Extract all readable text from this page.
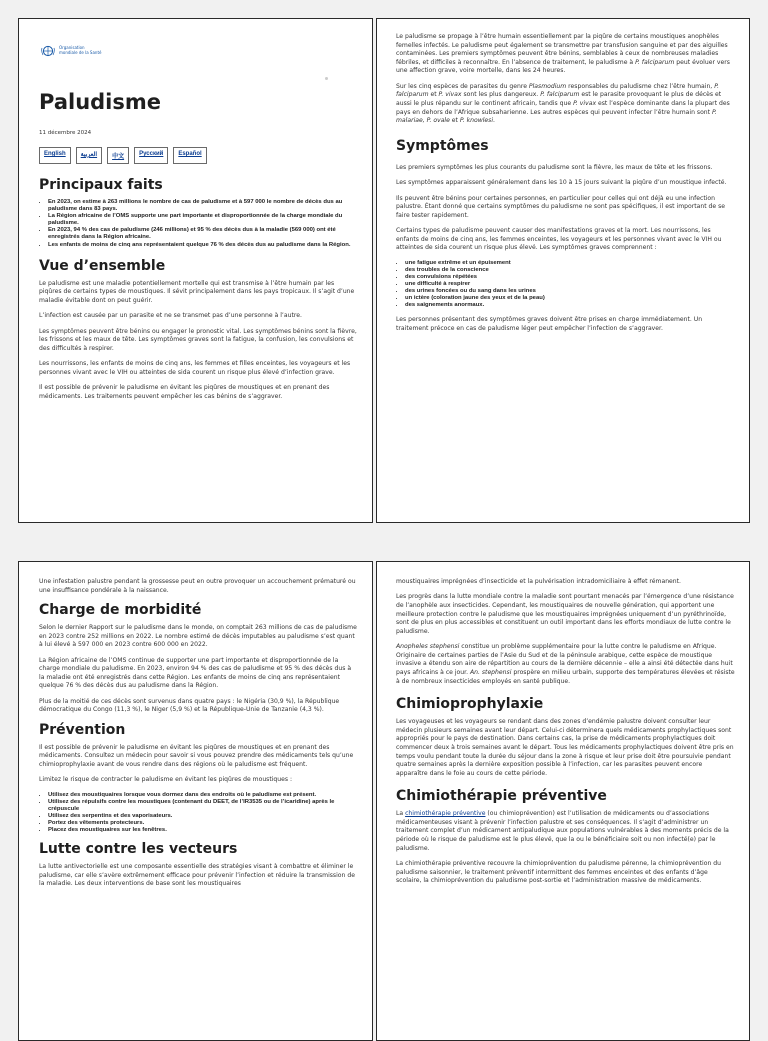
Organisation
mondiale de la Santé
Paludisme
11 décembre 2024
English	العربية	中文	Русский	Español
Principaux faits
• En 2023, on estime à 263 millions le nombre de cas de paludisme et à 597 000 le nombre de décès dus au paludisme dans 83 pays.
• La Région africaine de l’OMS supporte une part importante et disproportionnée de la charge mondiale du paludisme.
• En 2023, 94 % des cas de paludisme (246 millions) et 95 % des décès dus à la maladie (569 000) ont été enregistrés dans la Région africaine.
• Les enfants de moins de cinq ans représentaient quelque 76 % des décès dus au paludisme dans la Région.
Vue d’ensemble

Le paludisme est une maladie potentiellement mortelle qui est transmise à l’être humain par les piqûres de certains types de moustiques. Il sévit principalement dans les pays tropicaux. Il s’agit d’une maladie évitable dont on peut guérir.

L’infection est causée par un parasite et ne se transmet pas d’une personne à l’autre.

Les symptômes peuvent être bénins ou engager le pronostic vital. Les symptômes bénins sont la fièvre, les frissons et les maux de tête. Les symptômes graves sont la fatigue, la confusion, les convulsions et des difficultés à respirer.

Les nourrissons, les enfants de moins de cinq ans, les femmes et filles enceintes, les voyageurs et les personnes vivant avec le VIH ou atteintes de sida courent un risque plus élevé d’infection grave.

Il est possible de prévenir le paludisme en évitant les piqûres de moustiques et en prenant des médicaments. Les traitements peuvent empêcher les cas bénins de s’aggraver.

Le paludisme se propage à l’être humain essentiellement par la piqûre de certains moustiques anophèles femelles infectés. Le paludisme peut également se transmettre par transfusion sanguine et par des aiguilles contaminées. Les premiers symptômes peuvent être bénins, semblables à ceux de nombreuses maladies fébriles, et difficiles à reconnaître. En l’absence de traitement, le paludisme à P. falciparum peut évoluer vers une affection grave, voire mortelle, dans les 24 heures.

Sur les cinq espèces de parasites du genre Plasmodium responsables du paludisme chez l’être humain, P. falciparum et P. vivax sont les plus dangereux. P. falciparum est le parasite provoquant le plus de décès et aussi le plus répandu sur le continent africain, tandis que P. vivax est l’espèce dominante dans la plupart des pays en dehors de l’Afrique subsaharienne. Les autres espèces qui peuvent infecter l’être humain sont P. malariae, P. ovale et P. knowlesi.

Symptômes

Les premiers symptômes les plus courants du paludisme sont la fièvre, les maux de tête et les frissons.

Les symptômes apparaissent généralement dans les 10 à 15 jours suivant la piqûre d’un moustique infecté.

Ils peuvent être bénins pour certaines personnes, en particulier pour celles qui ont déjà eu une infection palustre. Étant donné que certains symptômes du paludisme ne sont pas spécifiques, il est important de se faire tester rapidement.

Certains types de paludisme peuvent causer des manifestations graves et la mort. Les nourrissons, les enfants de moins de cinq ans, les femmes enceintes, les voyageurs et les personnes vivant avec le VIH ou atteintes de sida courent un risque plus élevé. Les symptômes graves comprennent :

• une fatigue extrême et un épuisement
• des troubles de la conscience
• des convulsions répétées
• une difficulté à respirer
• des urines foncées ou du sang dans les urines
• un ictère (coloration jaune des yeux et de la peau)
• des saignements anormaux.

Les personnes présentant des symptômes graves doivent être prises en charge immédiatement. Un traitement précoce en cas de paludisme léger peut empêcher l’infection de s’aggraver.

Une infestation palustre pendant la grossesse peut en outre provoquer un accouchement prématuré ou une insuffisance pondérale à la naissance.

Charge de morbidité

Selon le dernier Rapport sur le paludisme dans le monde, on comptait 263 millions de cas de paludisme en 2023 contre 252 millions en 2022. Le nombre estimé de décès imputables au paludisme s’est quant à lui élevé à 597 000 en 2023 contre 600 000 en 2022.

La Région africaine de l’OMS continue de supporter une part importante et disproportionnée de la charge mondiale du paludisme. En 2023, environ 94 % des cas de paludisme et 95 % des décès dus à la maladie ont été enregistrés dans cette Région. Les enfants de moins de cinq ans représentaient quelque 76 % des décès dus au paludisme dans la Région.

Plus de la moitié de ces décès sont survenus dans quatre pays : le Nigéria (30,9 %), la République démocratique du Congo (11,3 %), le Niger (5,9 %) et la République-Unie de Tanzanie (4,3 %).

Prévention

Il est possible de prévenir le paludisme en évitant les piqûres de moustiques et en prenant des médicaments. Consultez un médecin pour savoir si vous pouvez prendre des médicaments tels qu’une chimioprophylaxie avant de vous rendre dans des régions où le paludisme est fréquent.

Limitez le risque de contracter le paludisme en évitant les piqûres de moustiques :

• Utilisez des moustiquaires lorsque vous dormez dans des endroits où le paludisme est présent.
• Utilisez des répulsifs contre les moustiques (contenant du DEET, de l’IR3535 ou de l’icaridine) après le crépuscule
• Utilisez des serpentins et des vaporisateurs.
• Portez des vêtements protecteurs.
• Placez des moustiquaires sur les fenêtres.
Lutte contre les vecteurs

La lutte antivectorielle est une composante essentielle des stratégies visant à combattre et éliminer le paludisme, car elle s’avère extrêmement efficace pour prévenir l’infection et réduire la transmission de la maladie. Les deux interventions de base sont les moustiquaires

moustiquaires imprégnées d’insecticide et la pulvérisation intradomiciliaire à effet rémanent.

Les progrès dans la lutte mondiale contre la maladie sont pourtant menacés par l’émergence d’une résistance de l’anophèle aux insecticides. Cependant, les moustiquaires de nouvelle génération, qui apportent une meilleure protection contre le paludisme que les moustiquaires imprégnées uniquement d’un pyréthrinoïde, sont de plus en plus accessibles et constituent un outil important dans les efforts mondiaux de lutte contre le paludisme.

Anopheles stephensi constitue un problème supplémentaire pour la lutte contre le paludisme en Afrique. Originaire de certaines parties de l’Asie du Sud et de la péninsule arabique, cette espèce de moustique invasive a étendu son aire de répartition au cours de la dernière décennie – elle a ainsi été détectée dans huit pays africains à ce jour. An. stephensi prospère en milieu urbain, supporte des températures élevées et résiste à de nombreux insecticides employés en santé publique.

Chimioprophylaxie

Les voyageuses et les voyageurs se rendant dans des zones d’endémie palustre doivent consulter leur médecin plusieurs semaines avant leur départ. Celui-ci déterminera quels médicaments prophylactiques sont appropriés pour le pays de destination. Dans certains cas, la prise de médicaments prophylactiques doit commencer deux à trois semaines avant le départ. Tous les médicaments prophylactiques doivent être pris en temps voulu pendant toute la durée du séjour dans la zone à risque et leur prise doit être poursuivie pendant quatre semaines après la dernière exposition possible à l’infection, car les parasites peuvent encore apparaître dans le foie au cours de cette période.

Chimiothérapie préventive

La chimiothérapie préventive (ou chimioprévention) est l’utilisation de médicaments ou d’associations médicamenteuses visant à prévenir l’infection palustre et ses conséquences. Il s’agit d’administrer un traitement complet d’un médicament antipaludique aux populations vulnérables à des moments précis de la période où le risque de paludisme est le plus élevé, que la ou le bénéficiaire soit ou non infecté(e) par le paludisme.

La chimiothérapie préventive recouvre la chimioprévention du paludisme pérenne, la chimioprévention du paludisme saisonnier, le traitement préventif intermittent des femmes enceintes et des enfants d’âge scolaire, la chimioprévention du paludisme post-sortie et l’administration massive de médicaments.
